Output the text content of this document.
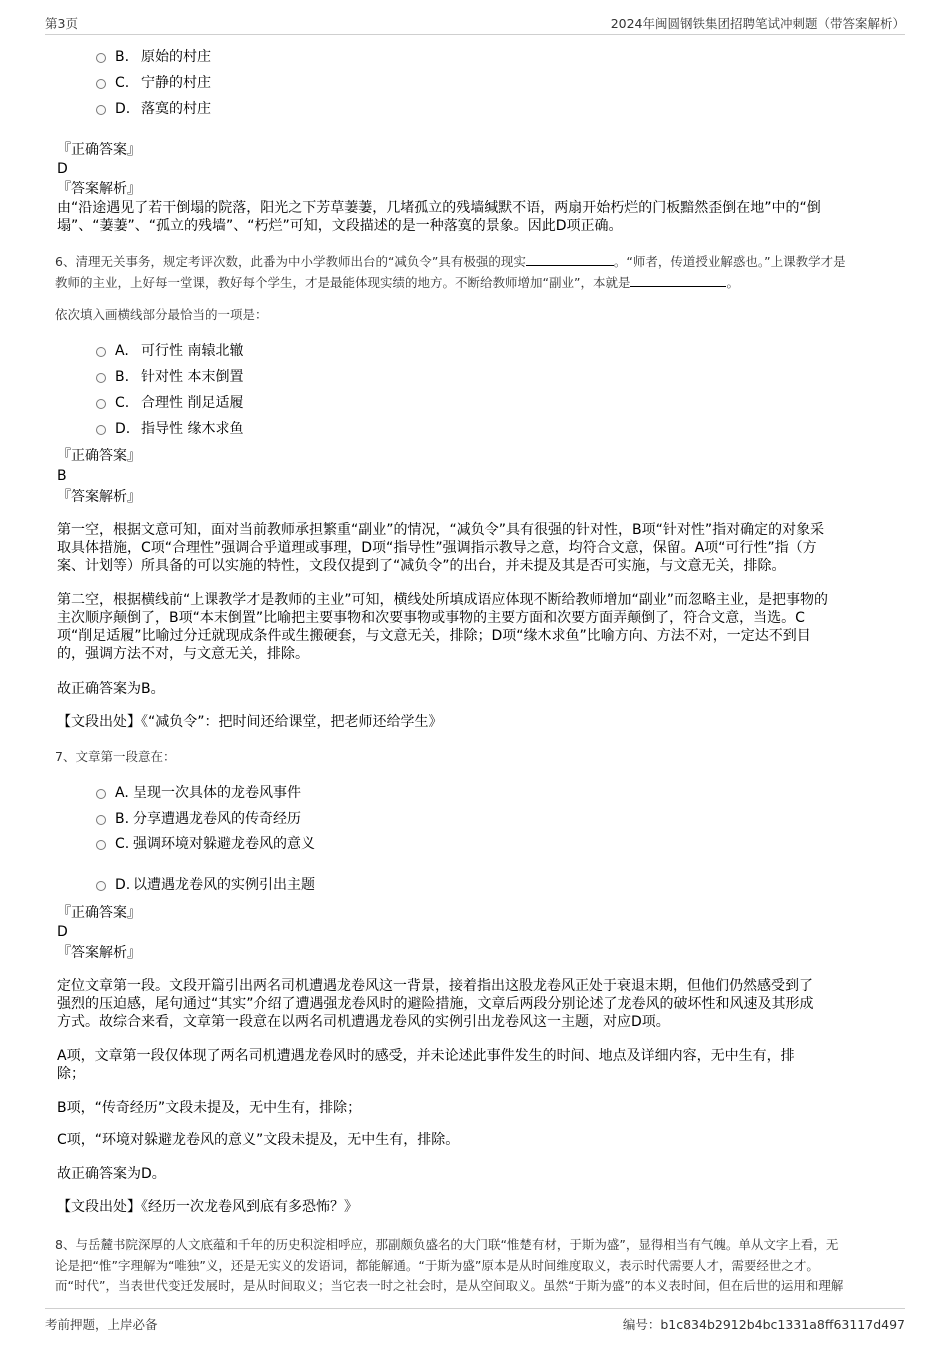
第3页	2024年闽圆钢铁集团招聘笔试冲刺题（带答案解析）
B. 原始的村庄
C. 宁静的村庄
D. 落寞的村庄
『正确答案』
D
『答案解析』
由“沿途遇见了若干倒塌的院落，阳光之下芳草萋萋，几堵孤立的残墙缄默不语，两扇开始朽烂的门板黯然歪倒在地”中的“倒
塌”、“萋萋”、“孤立的残墙”、“朽烂”可知，文段描述的是一种落寞的景象。因此D项正确。
6、清理无关事务，规定考评次数，此番为中小学教师出台的“减负令”具有极强的现实	。“师者，传道授业解惑也。”上课教学才是
教师的主业，上好每一堂课，教好每个学生，才是最能体现实绩的地方。不断给教师增加“副业”，本就是	。
依次填入画横线部分最恰当的一项是：
A. 可行性 南辕北辙
B. 针对性 本末倒置
C. 合理性 削足适履
D. 指导性 缘木求鱼
『正确答案』
B
『答案解析』
第一空，根据文意可知，面对当前教师承担繁重“副业”的情况，“减负令”具有很强的针对性，B项“针对性”指对确定的对象采
取具体措施，C项“合理性”强调合乎道理或事理，D项“指导性”强调指示教导之意，均符合文意，保留。A项“可行性”指（方
案、计划等）所具备的可以实施的特性，文段仅提到了“减负令”的出台，并未提及其是否可实施，与文意无关，排除。
第二空，根据横线前“上课教学才是教师的主业”可知，横线处所填成语应体现不断给教师增加“副业”而忽略主业，是把事物的
主次顺序颠倒了，B项“本末倒置”比喻把主要事物和次要事物或事物的主要方面和次要方面弄颠倒了，符合文意，当选。C
项“削足适履”比喻过分迁就现成条件或生搬硬套，与文意无关，排除；D项“缘木求鱼”比喻方向、方法不对，一定达不到目
的，强调方法不对，与文意无关，排除。
故正确答案为B。
【文段出处】《“减负令”：把时间还给课堂，把老师还给学生》
7、文章第一段意在：
A. 呈现一次具体的龙卷风事件
B. 分享遭遇龙卷风的传奇经历
C. 强调环境对躲避龙卷风的意义
D. 以遭遇龙卷风的实例引出主题
『正确答案』
D
『答案解析』
定位文章第一段。文段开篇引出两名司机遭遇龙卷风这一背景，接着指出这股龙卷风正处于衰退末期，但他们仍然感受到了
强烈的压迫感，尾句通过“其实”介绍了遭遇强龙卷风时的避险措施，文章后两段分别论述了龙卷风的破坏性和风速及其形成
方式。故综合来看，文章第一段意在以两名司机遭遇龙卷风的实例引出龙卷风这一主题，对应D项。
A项，文章第一段仅体现了两名司机遭遇龙卷风时的感受，并未论述此事件发生的时间、地点及详细内容，无中生有，排
除；
B项，“传奇经历”文段未提及，无中生有，排除；
C项，“环境对躲避龙卷风的意义”文段未提及，无中生有，排除。
故正确答案为D。
【文段出处】《经历一次龙卷风到底有多恐怖？》
8、与岳麓书院深厚的人文底蕴和千年的历史积淀相呼应，那副颇负盛名的大门联“惟楚有材，于斯为盛”，显得相当有气魄。单从文字上看，无
论是把“惟”字理解为“唯独”义，还是无实义的发语词，都能解通。“于斯为盛”原本是从时间维度取义，表示时代需要人才，需要经世之才。
而“时代”，当表世代变迁发展时，是从时间取义；当它表一时之社会时，是从空间取义。虽然“于斯为盛”的本义表时间，但在后世的运用和理解
考前押题，上岸必备	编号：b1c834b2912b4bc1331a8ff63117d497
